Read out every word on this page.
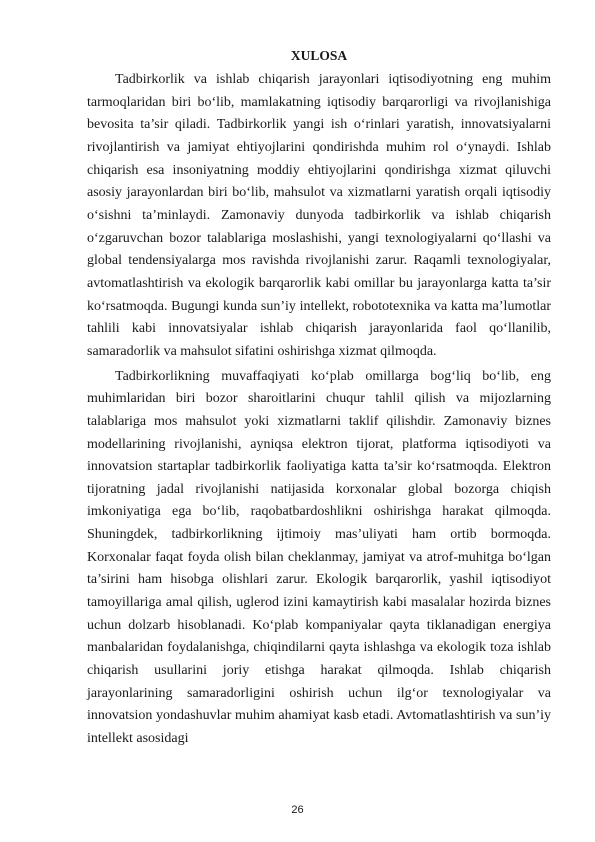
XULOSA

Tadbirkorlik va ishlab chiqarish jarayonlari iqtisodiyotning eng muhim tarmoqlaridan biri bo‘lib, mamlakatning iqtisodiy barqarorligi va rivojlanishiga bevosita ta’sir qiladi. Tadbirkorlik yangi ish o‘rinlari yaratish, innovatsiyalarni rivojlantirish va jamiyat ehtiyojlarini qondirishda muhim rol o‘ynaydi. Ishlab chiqarish esa insoniyatning moddiy ehtiyojlarini qondirishga xizmat qiluvchi asosiy jarayonlardan biri bo‘lib, mahsulot va xizmatlarni yaratish orqali iqtisodiy o‘sishni ta’minlaydi. Zamonaviy dunyoda tadbirkorlik va ishlab chiqarish o‘zgaruvchan bozor talablariga moslashishi, yangi texnologiyalarni qo‘llashi va global tendensiyalarga mos ravishda rivojlanishi zarur. Raqamli texnologiyalar, avtomatlashtirish va ekologik barqarorlik kabi omillar bu jarayonlarga katta ta’sir ko‘rsatmoqda. Bugungi kunda sun’iy intellekt, robototexnika va katta ma’lumotlar tahlili kabi innovatsiyalar ishlab chiqarish jarayonlarida faol qo‘llanilib, samaradorlik va mahsulot sifatini oshirishga xizmat qilmoqda.

Tadbirkorlikning muvaffaqiyati ko‘plab omillarga bog‘liq bo‘lib, eng muhimlaridan biri bozor sharoitlarini chuqur tahlil qilish va mijozlarning talablariga mos mahsulot yoki xizmatlarni taklif qilishdir. Zamonaviy biznes modellarining rivojlanishi, ayniqsa elektron tijorat, platforma iqtisodiyoti va innovatsion startaplar tadbirkorlik faoliyatiga katta ta’sir ko‘rsatmoqda. Elektron tijoratning jadal rivojlanishi natijasida korxonalar global bozorga chiqish imkoniyatiga ega bo‘lib, raqobatbardoshlikni oshirishga harakat qilmoqda. Shuningdek, tadbirkorlikning ijtimoiy mas’uliyati ham ortib bormoqda. Korxonalar faqat foyda olish bilan cheklanmay, jamiyat va atrof-muhitga bo‘lgan ta’sirini ham hisobga olishlari zarur. Ekologik barqarorlik, yashil iqtisodiyot tamoyillariga amal qilish, uglerod izini kamaytirish kabi masalalar hozirda biznes uchun dolzarb hisoblanadi. Ko‘plab kompaniyalar qayta tiklanadigan energiya manbalaridan foydalanishga, chiqindilarni qayta ishlashga va ekologik toza ishlab chiqarish usullarini joriy etishga harakat qilmoqda. Ishlab chiqarish jarayonlarining samaradorligini oshirish uchun ilg‘or texnologiyalar va innovatsion yondashuvlar muhim ahamiyat kasb etadi. Avtomatlashtirish va sun’iy intellekt asosidagi

26
